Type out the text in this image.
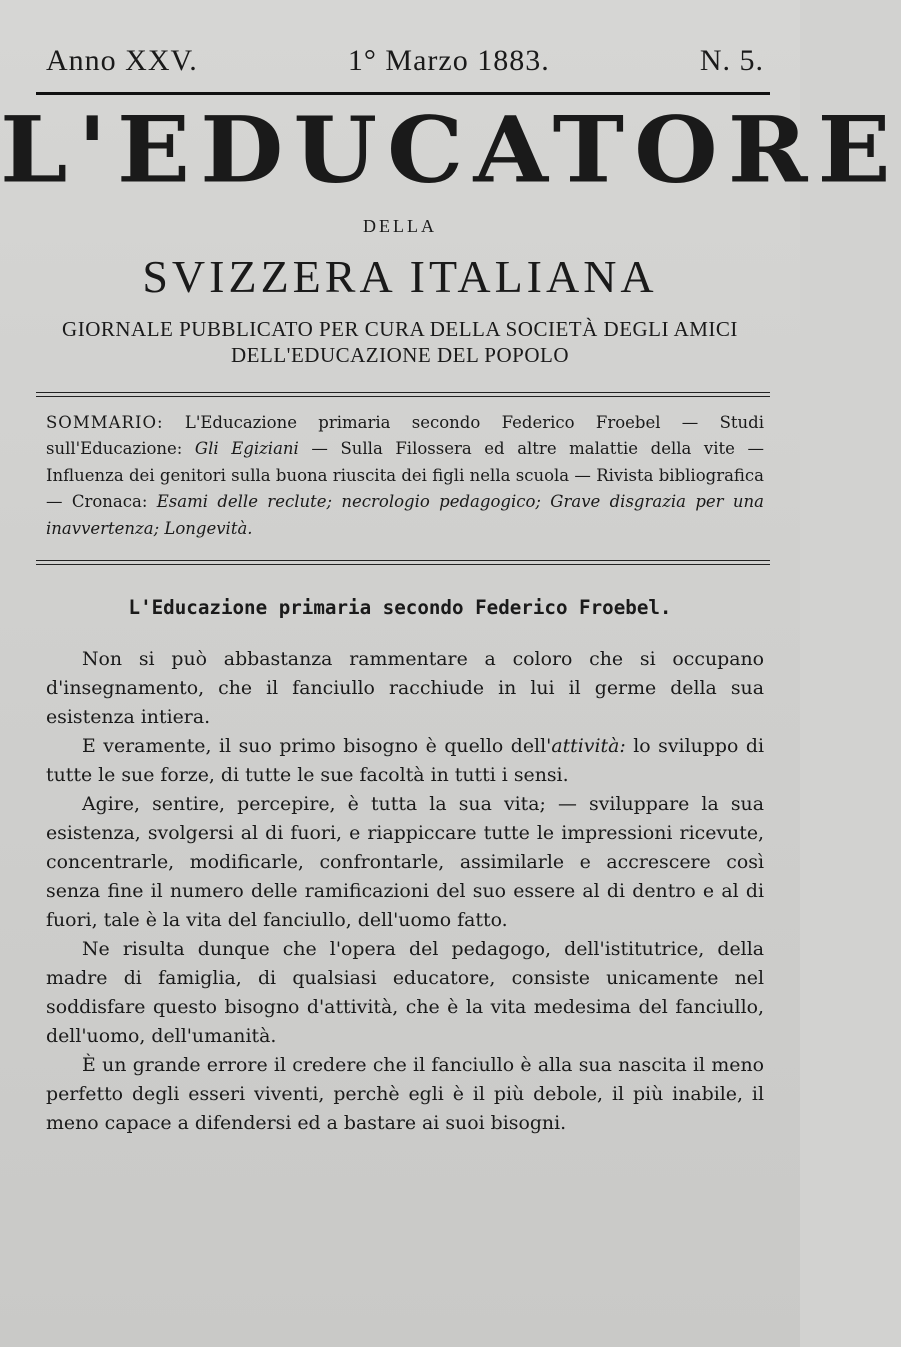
Anno XXV.	1° Marzo 1883.	N. 5.
L'EDUCATORE
DELLA
SVIZZERA ITALIANA
GIORNALE PUBBLICATO PER CURA DELLA SOCIETÀ DEGLI AMICI
DELL'EDUCAZIONE DEL POPOLO
SOMMARIO: L'Educazione primaria secondo Federico Froebel — Studi sull'Educazione: Gli Egiziani — Sulla Filossera ed altre malattie della vite — Influenza dei genitori sulla buona riuscita dei figli nella scuola — Rivista bibliografica — Cronaca: Esami delle reclute; necrologio pedagogico; Grave disgrazia per una inavvertenza; Longevità.
L'Educazione primaria secondo Federico Froebel.

Non si può abbastanza rammentare a coloro che si occupano d'insegnamento, che il fanciullo racchiude in lui il germe della sua esistenza intiera.

E veramente, il suo primo bisogno è quello dell'attività: lo sviluppo di tutte le sue forze, di tutte le sue facoltà in tutti i sensi.

Agire, sentire, percepire, è tutta la sua vita; — sviluppare la sua esistenza, svolgersi al di fuori, e riappiccare tutte le impressioni ricevute, concentrarle, modificarle, confrontarle, assimilarle e accrescere così senza fine il numero delle ramificazioni del suo essere al di dentro e al di fuori, tale è la vita del fanciullo, dell'uomo fatto.

Ne risulta dunque che l'opera del pedagogo, dell'istitutrice, della madre di famiglia, di qualsiasi educatore, consiste unicamente nel soddisfare questo bisogno d'attività, che è la vita medesima del fanciullo, dell'uomo, dell'umanità.

È un grande errore il credere che il fanciullo è alla sua nascita il meno perfetto degli esseri viventi, perchè egli è il più debole, il più inabile, il meno capace a difendersi ed a bastare ai suoi bisogni.
